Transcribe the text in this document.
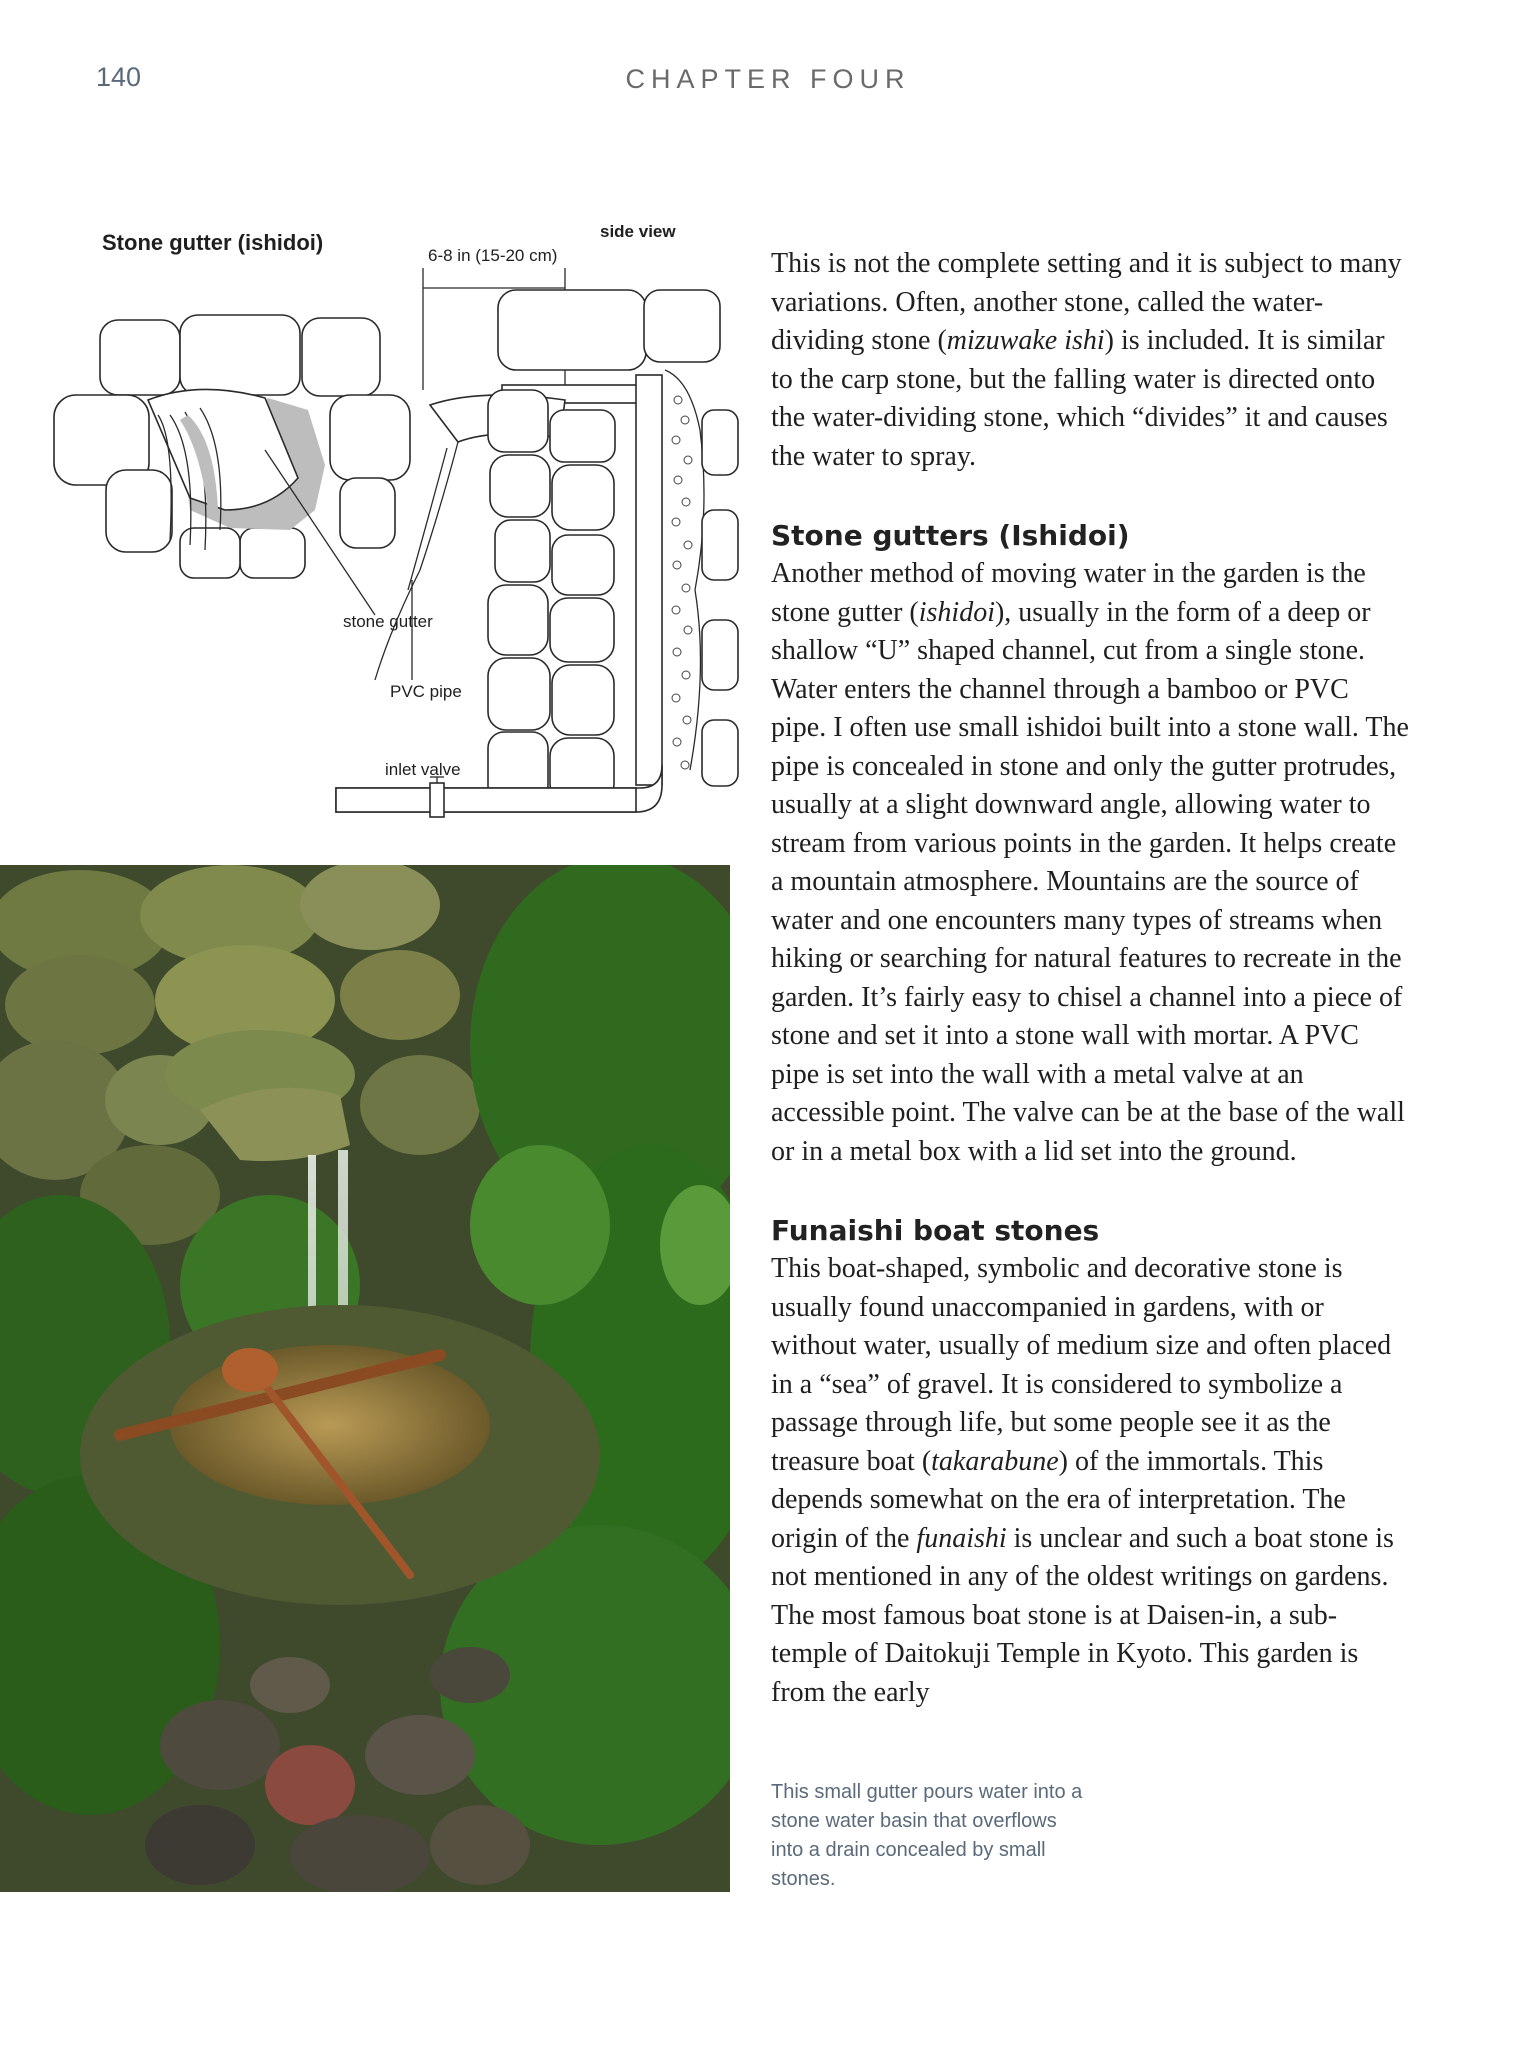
140	CHAPTER FOUR
Stone gutter (ishidoi)	side view
6-8 in (15-20 cm)
stone gutter
PVC pipe
inlet valve

This is not the complete setting and it is subject to many variations. Often, another stone, called the water-dividing stone (mizuwake ishi) is included. It is similar to the carp stone, but the falling water is directed onto the water-dividing stone, which “divides” it and causes the water to spray.

Stone gutters (Ishidoi)

Another method of moving water in the garden is the stone gutter (ishidoi), usually in the form of a deep or shallow “U” shaped channel, cut from a single stone. Water enters the channel through a bamboo or PVC pipe. I often use small ishidoi built into a stone wall. The pipe is concealed in stone and only the gutter protrudes, usually at a slight downward angle, allowing water to stream from various points in the garden. It helps create a mountain atmosphere. Mountains are the source of water and one encounters many types of streams when hiking or searching for natural features to recreate in the garden. It’s fairly easy to chisel a channel into a piece of stone and set it into a stone wall with mortar. A PVC pipe is set into the wall with a metal valve at an accessible point. The valve can be at the base of the wall or in a metal box with a lid set into the ground.

Funaishi boat stones

This boat-shaped, symbolic and decorative stone is usually found unaccompanied in gardens, with or without water, usually of medium size and often placed in a “sea” of gravel. It is considered to symbolize a passage through life, but some people see it as the treasure boat (takarabune) of the immortals. This depends somewhat on the era of interpretation. The origin of the funaishi is unclear and such a boat stone is not mentioned in any of the oldest writings on gardens. The most famous boat stone is at Daisen-in, a sub-temple of Daitokuji Temple in Kyoto. This garden is from the early

This small gutter pours water into a stone water basin that overflows into a drain concealed by small stones.
